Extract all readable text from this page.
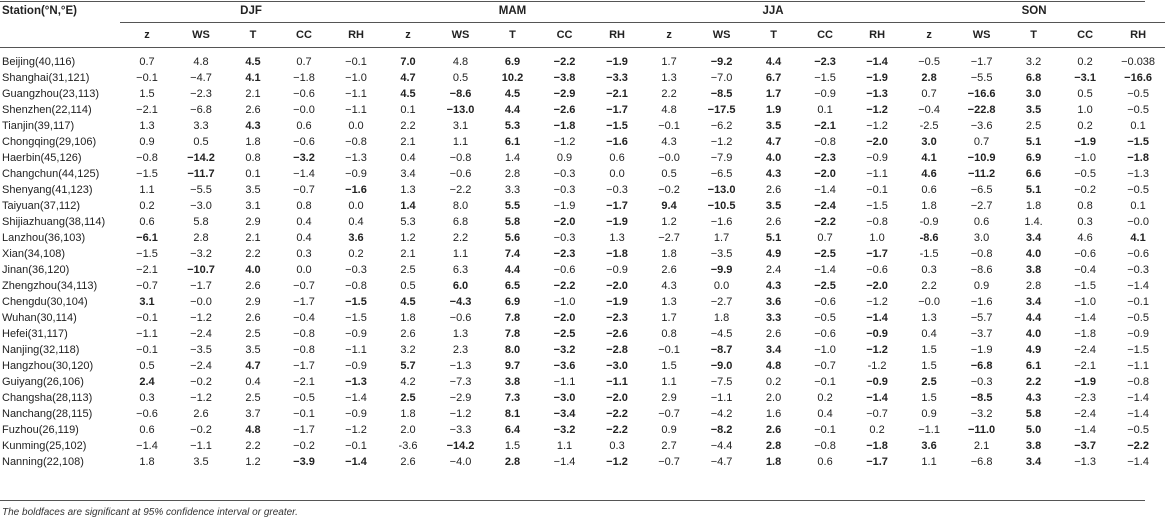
Station(°N,°E)	DJF					MAM					JJA					SON				
	z	WS	T	CC	RH	z	WS	T	CC	RH	z	WS	T	CC	RH	z	WS	T	CC	RH

Beijing(40,116)	0.7	4.8	4.5	0.7	−0.1	7.0	4.8	6.9	−2.2	−1.9	1.7	−9.2	4.4	−2.3	−1.4	−0.5	−1.7	3.2	0.2	−0.038
Shanghai(31,121)	−0.1	−4.7	4.1	−1.8	−1.0	4.7	0.5	10.2	−3.8	−3.3	1.3	−7.0	6.7	−1.5	−1.9	2.8	−5.5	6.8	−3.1	−16.6
Guangzhou(23,113)	1.5	−2.3	2.1	−0.6	−1.1	4.5	−8.6	4.5	−2.9	−2.1	2.2	−8.5	1.7	−0.9	−1.3	0.7	−16.6	3.0	0.5	−0.5
Shenzhen(22,114)	−2.1	−6.8	2.6	−0.0	−1.1	0.1	−13.0	4.4	−2.6	−1.7	4.8	−17.5	1.9	0.1	−1.2	−0.4	−22.8	3.5	1.0	−0.5
Tianjin(39,117)	1.3	3.3	4.3	0.6	0.0	2.2	3.1	5.3	−1.8	−1.5	−0.1	−6.2	3.5	−2.1	−1.2	-2.5	−3.6	2.5	0.2	0.1
Chongqing(29,106)	0.9	0.5	1.8	−0.6	−0.8	2.1	1.1	6.1	−1.2	−1.6	4.3	−1.2	4.7	−0.8	−2.0	3.0	0.7	5.1	−1.9	−1.5
Haerbin(45,126)	−0.8	−14.2	0.8	−3.2	−1.3	0.4	−0.8	1.4	0.9	0.6	−0.0	−7.9	4.0	−2.3	−0.9	4.1	−10.9	6.9	−1.0	−1.8
Changchun(44,125)	−1.5	−11.7	0.1	−1.4	−0.9	3.4	−0.6	2.8	−0.3	0.0	0.5	−6.5	4.3	−2.0	−1.1	4.6	−11.2	6.6	−0.5	−1.3
Shenyang(41,123)	1.1	−5.5	3.5	−0.7	−1.6	1.3	−2.2	3.3	−0.3	−0.3	−0.2	−13.0	2.6	−1.4	−0.1	0.6	−6.5	5.1	−0.2	−0.5
Taiyuan(37,112)	0.2	−3.0	3.1	0.8	0.0	1.4	8.0	5.5	−1.9	−1.7	9.4	−10.5	3.5	−2.4	−1.5	1.8	−2.7	1.8	0.8	0.1
Shijiazhuang(38,114)	0.6	5.8	2.9	0.4	0.4	5.3	6.8	5.8	−2.0	−1.9	1.2	−1.6	2.6	−2.2	−0.8	-0.9	0.6	1.4.	0.3	−0.0
Lanzhou(36,103)	−6.1	2.8	2.1	0.4	3.6	1.2	2.2	5.6	−0.3	1.3	−2.7	1.7	5.1	0.7	1.0	-8.6	3.0	3.4	4.6	4.1
Xian(34,108)	−1.5	−3.2	2.2	0.3	0.2	2.1	1.1	7.4	−2.3	−1.8	1.8	−3.5	4.9	−2.5	−1.7	-1.5	−0.8	4.0	−0.6	−0.6
Jinan(36,120)	−2.1	−10.7	4.0	0.0	−0.3	2.5	6.3	4.4	−0.6	−0.9	2.6	−9.9	2.4	−1.4	−0.6	0.3	−8.6	3.8	−0.4	−0.3
Zhengzhou(34,113)	−0.7	−1.7	2.6	−0.7	−0.8	0.5	6.0	6.5	−2.2	−2.0	4.3	0.0	4.3	−2.5	−2.0	2.2	0.9	2.8	−1.5	−1.4
Chengdu(30,104)	3.1	−0.0	2.9	−1.7	−1.5	4.5	−4.3	6.9	−1.0	−1.9	1.3	−2.7	3.6	−0.6	−1.2	−0.0	−1.6	3.4	−1.0	−0.1
Wuhan(30,114)	−0.1	−1.2	2.6	−0.4	−1.5	1.8	−0.6	7.8	−2.0	−2.3	1.7	1.8	3.3	−0.5	−1.4	1.3	−5.7	4.4	−1.4	−0.5
Hefei(31,117)	−1.1	−2.4	2.5	−0.8	−0.9	2.6	1.3	7.8	−2.5	−2.6	0.8	−4.5	2.6	−0.6	−0.9	0.4	−3.7	4.0	−1.8	−0.9
Nanjing(32,118)	−0.1	−3.5	3.5	−0.8	−1.1	3.2	2.3	8.0	−3.2	−2.8	−0.1	−8.7	3.4	−1.0	−1.2	1.5	−1.9	4.9	−2.4	−1.5
Hangzhou(30,120)	0.5	−2.4	4.7	−1.7	−0.9	5.7	−1.3	9.7	−3.6	−3.0	1.5	−9.0	4.8	−0.7	-1.2	1.5	−6.8	6.1	−2.1	−1.1
Guiyang(26,106)	2.4	−0.2	0.4	−2.1	−1.3	4.2	−7.3	3.8	−1.1	−1.1	1.1	−7.5	0.2	−0.1	−0.9	2.5	−0.3	2.2	−1.9	−0.8
Changsha(28,113)	0.3	−1.2	2.5	−0.5	−1.4	2.5	−2.9	7.3	−3.0	−2.0	2.9	−1.1	2.0	0.2	−1.4	1.5	−8.5	4.3	−2.3	−1.4
Nanchang(28,115)	−0.6	2.6	3.7	−0.1	−0.9	1.8	−1.2	8.1	−3.4	−2.2	−0.7	−4.2	1.6	0.4	−0.7	0.9	−3.2	5.8	−2.4	−1.4
Fuzhou(26,119)	0.6	−0.2	4.8	−1.7	−1.2	2.0	−3.3	6.4	−3.2	−2.2	0.9	−8.2	2.6	−0.1	0.2	−1.1	−11.0	5.0	−1.4	−0.5
Kunming(25,102)	−1.4	−1.1	2.2	−0.2	−0.1	-3.6	−14.2	1.5	1.1	0.3	2.7	−4.4	2.8	−0.8	−1.8	3.6	2.1	3.8	−3.7	−2.2
Nanning(22,108)	1.8	3.5	1.2	−3.9	−1.4	2.6	−4.0	2.8	−1.4	−1.2	−0.7	−4.7	1.8	0.6	−1.7	1.1	−6.8	3.4	−1.3	−1.4
The boldfaces are significant at 95% confidence interval or greater.
